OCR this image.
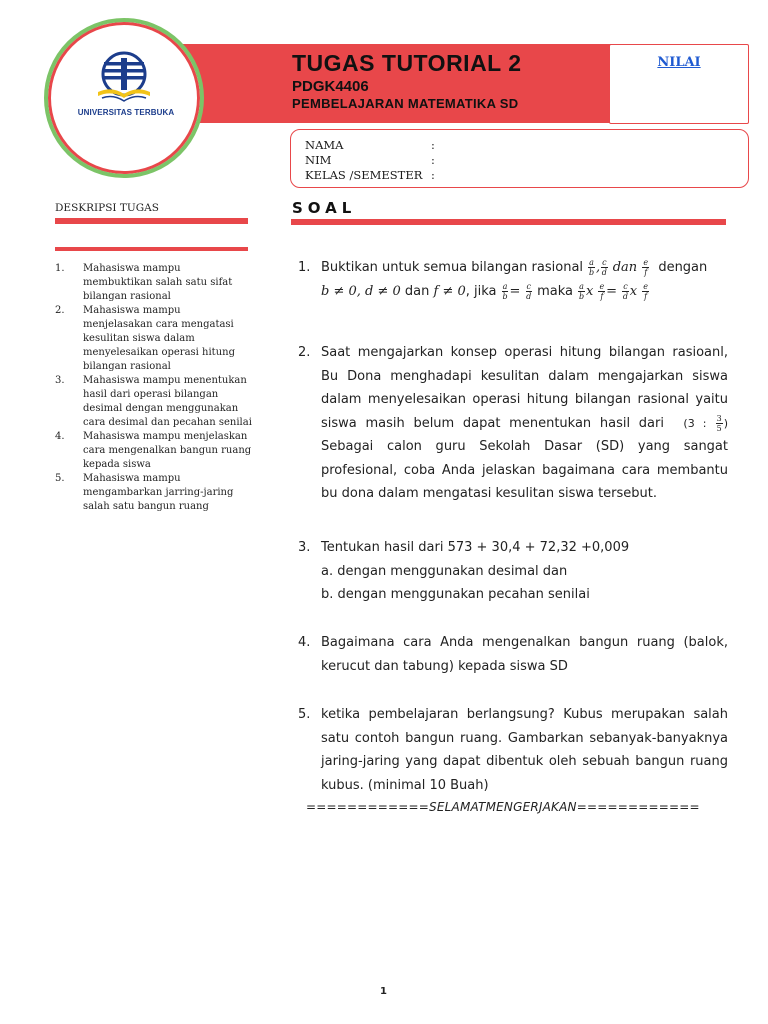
UNIVERSITAS TERBUKA
TUGAS TUTORIAL 2
PDGK4406
PEMBELAJARAN MATEMATIKA SD
NILAI
NAMA	:
NIM	:
KELAS /SEMESTER :
DESKRIPSI TUGAS
1.	Mahasiswa mampu membuktikan salah satu sifat bilangan rasional
2.	Mahasiswa mampu menjelasakan cara mengatasi kesulitan siswa dalam menyelesaikan operasi hitung bilangan rasional
3.	Mahasiswa mampu menentukan hasil dari operasi bilangan desimal dengan menggunakan cara desimal dan pecahan senilai
4.	Mahasiswa mampu menjelaskan cara mengenalkan bangun ruang kepada siswa
5.	Mahasiswa mampu mengambarkan jarring-jaring salah satu bangun ruang
SOAL
1. Buktikan untuk semua bilangan rasional $\frac{a}{b}$ , $\frac{c}{d}$ dan $\frac{e}{f}$ dengan
b ≠ 0, d ≠ 0 dan f ≠ 0, jika $\frac{a}{b} = \frac{c}{d}$ maka $\frac{a}{b}$ x $\frac{e}{f} = \frac{c}{d}$ x $\frac{e}{f}$
2. Saat mengajarkan konsep operasi hitung bilangan rasioanl, Bu Dona menghadapi kesulitan dalam mengajarkan siswa dalam menyelesaikan operasi hitung bilangan rasional yaitu siswa masih belum dapat menentukan hasil dari (3 : $\frac{3}{5}$ ) Sebagai calon guru Sekolah Dasar (SD) yang sangat profesional, coba Anda jelaskan bagaimana cara membantu bu dona dalam mengatasi kesulitan siswa tersebut.
3. Tentukan hasil dari 573 + 30,4 + 72,32 +0,009
a. dengan menggunakan desimal dan
b. dengan menggunakan pecahan senilai
4. Bagaimana cara Anda mengenalkan bangun ruang (balok, kerucut dan tabung) kepada siswa SD
5. ketika pembelajaran berlangsung? Kubus merupakan salah satu contoh bangun ruang. Gambarkan sebanyak-banyaknya jaring-jaring yang dapat dibentuk oleh sebuah bangun ruang kubus. (minimal 10 Buah)
============SELAMATMENGERJAKAN============
1
